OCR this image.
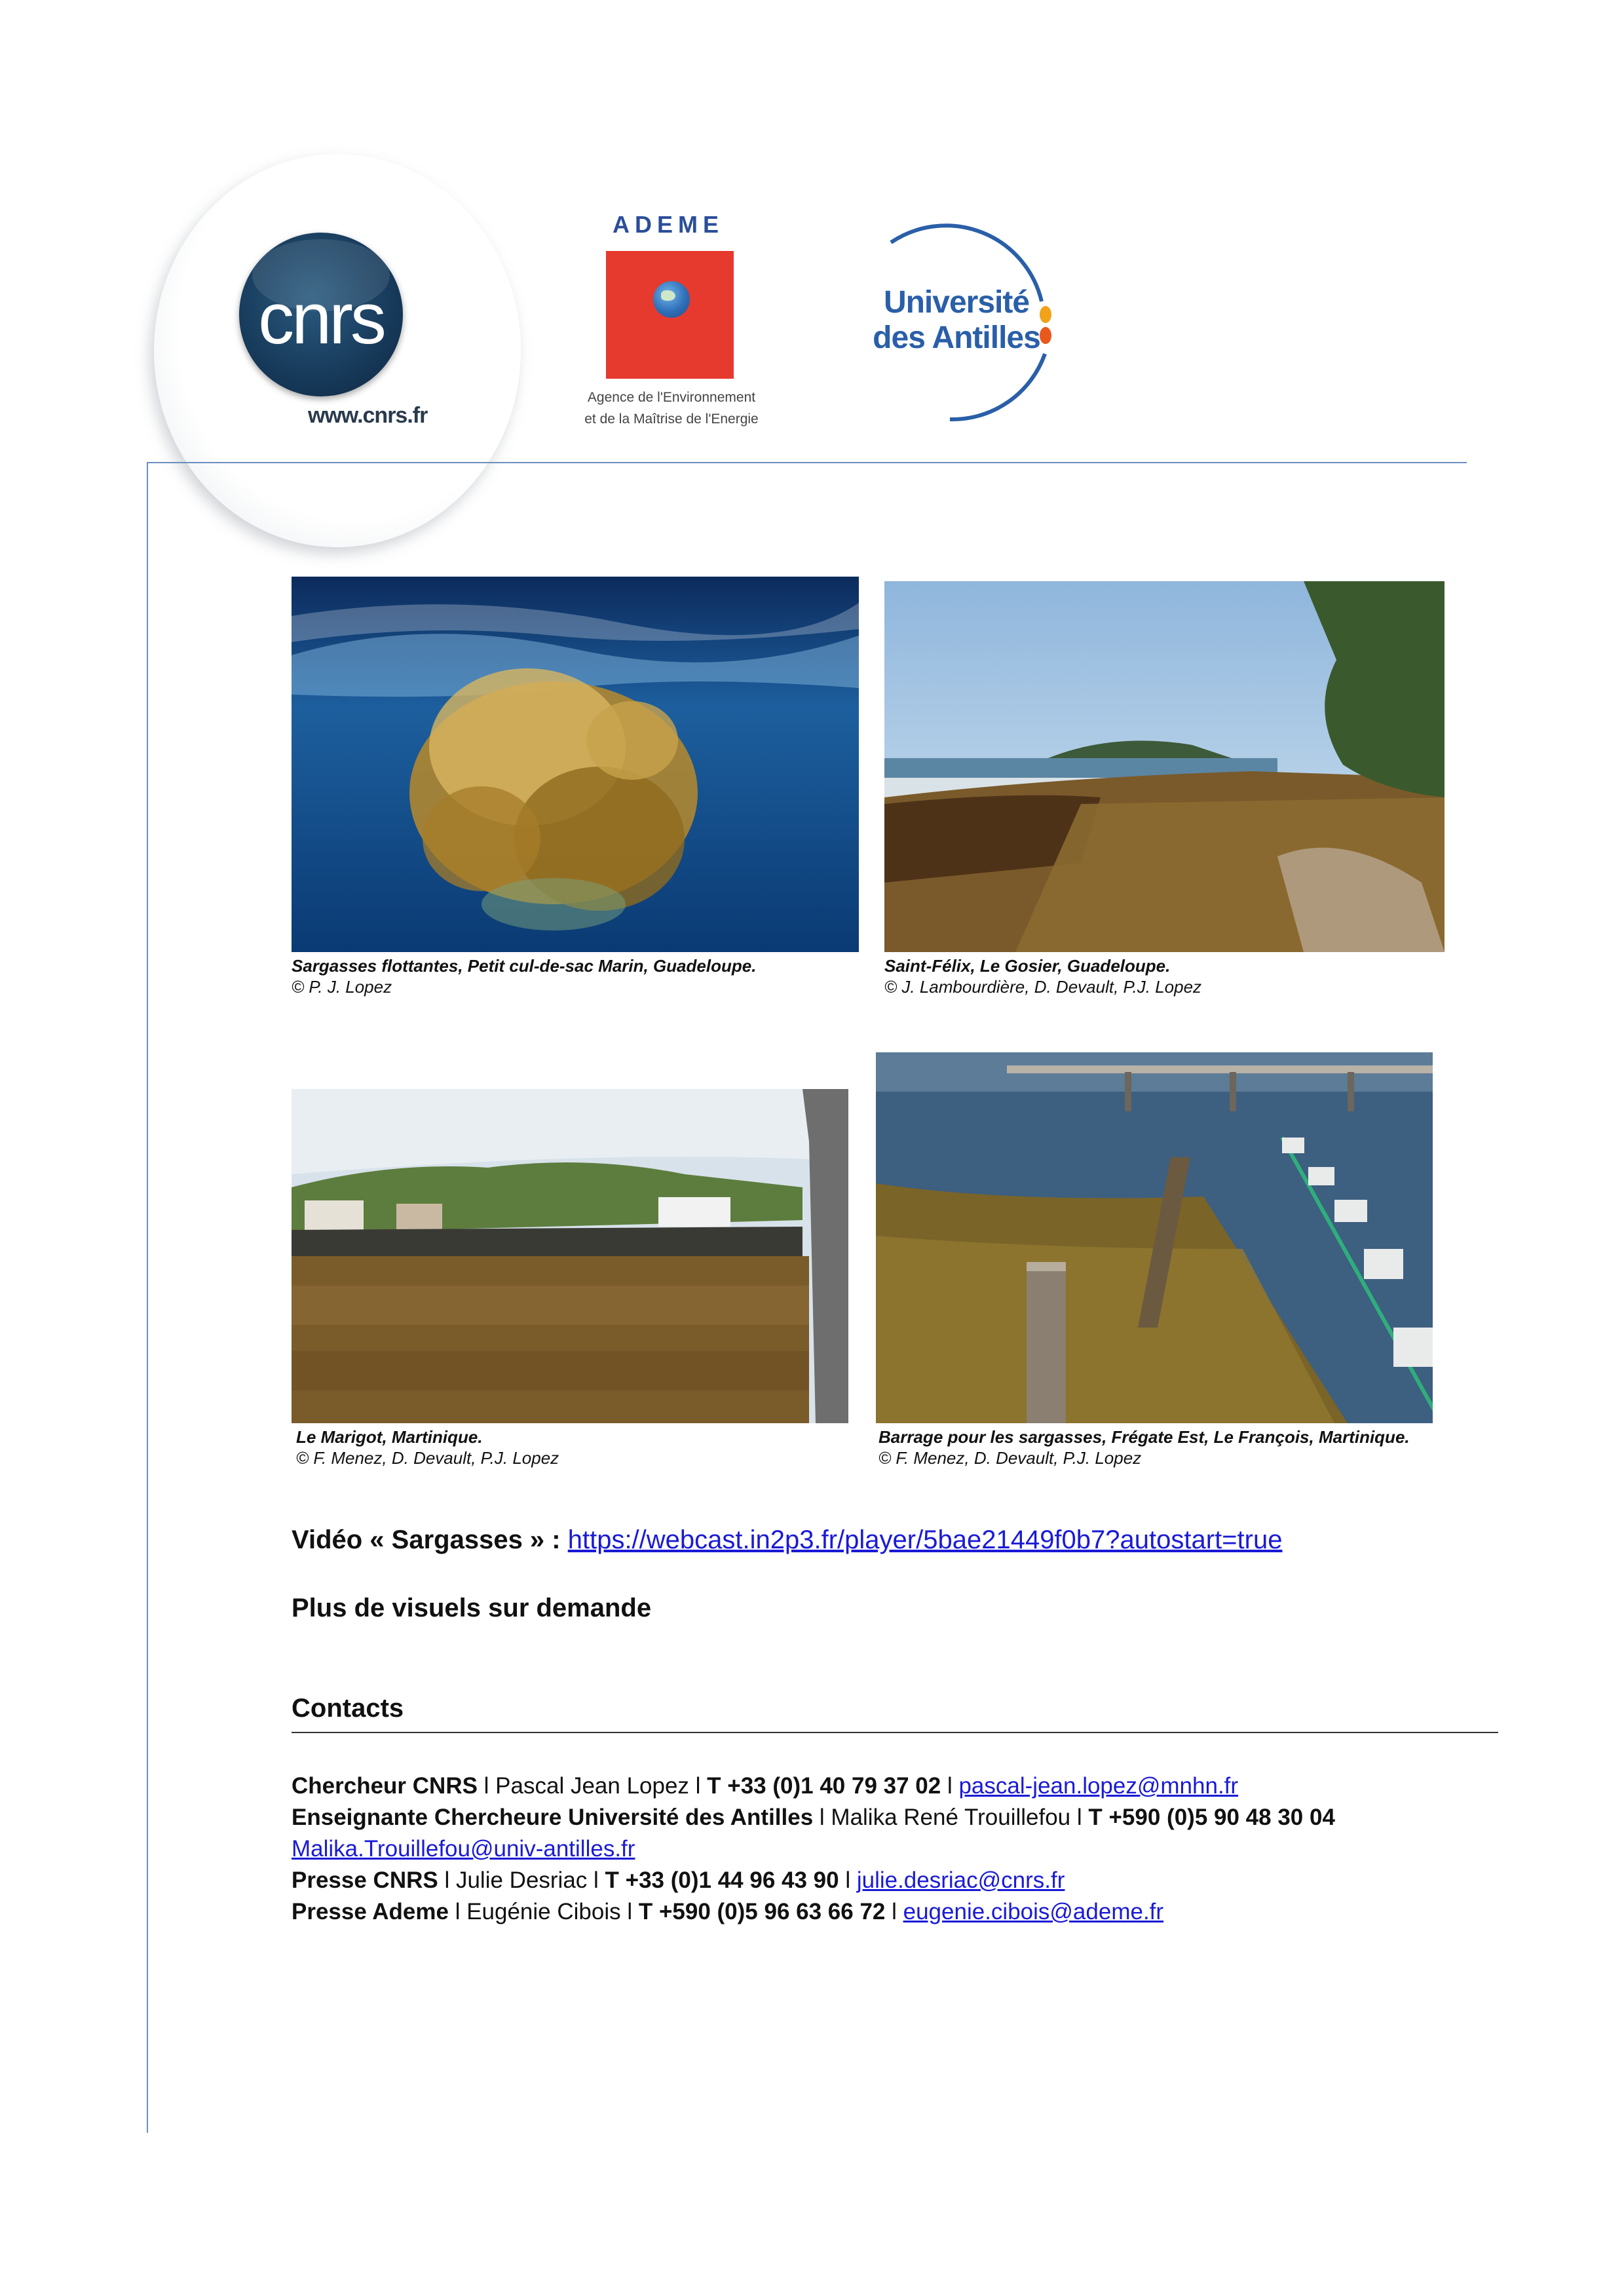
cnrs
www.cnrs.fr
ADEME
Agence de l'Environnement
et de la Maîtrise de l'Energie
Université
des Antilles
Sargasses flottantes, Petit cul-de-sac Marin, Guadeloupe.
© P. J. Lopez
Saint-Félix, Le Gosier, Guadeloupe.
© J. Lambourdière, D. Devault, P.J. Lopez
Le Marigot, Martinique.
© F. Menez, D. Devault, P.J. Lopez
Barrage pour les sargasses, Frégate Est, Le François, Martinique.
© F. Menez, D. Devault, P.J. Lopez
Vidéo « Sargasses » : https://webcast.in2p3.fr/player/5bae21449f0b7?autostart=true
Plus de visuels sur demande
Contacts
Chercheur CNRS l Pascal Jean Lopez l T +33 (0)1 40 79 37 02 l pascal-jean.lopez@mnhn.fr
Enseignante Chercheure Université des Antilles l Malika René Trouillefou l T +590 (0)5 90 48 30 04
Malika.Trouillefou@univ-antilles.fr
Presse CNRS l Julie Desriac l T +33 (0)1 44 96 43 90 l julie.desriac@cnrs.fr
Presse Ademe l Eugénie Cibois l T +590 (0)5 96 63 66 72 l eugenie.cibois@ademe.fr
